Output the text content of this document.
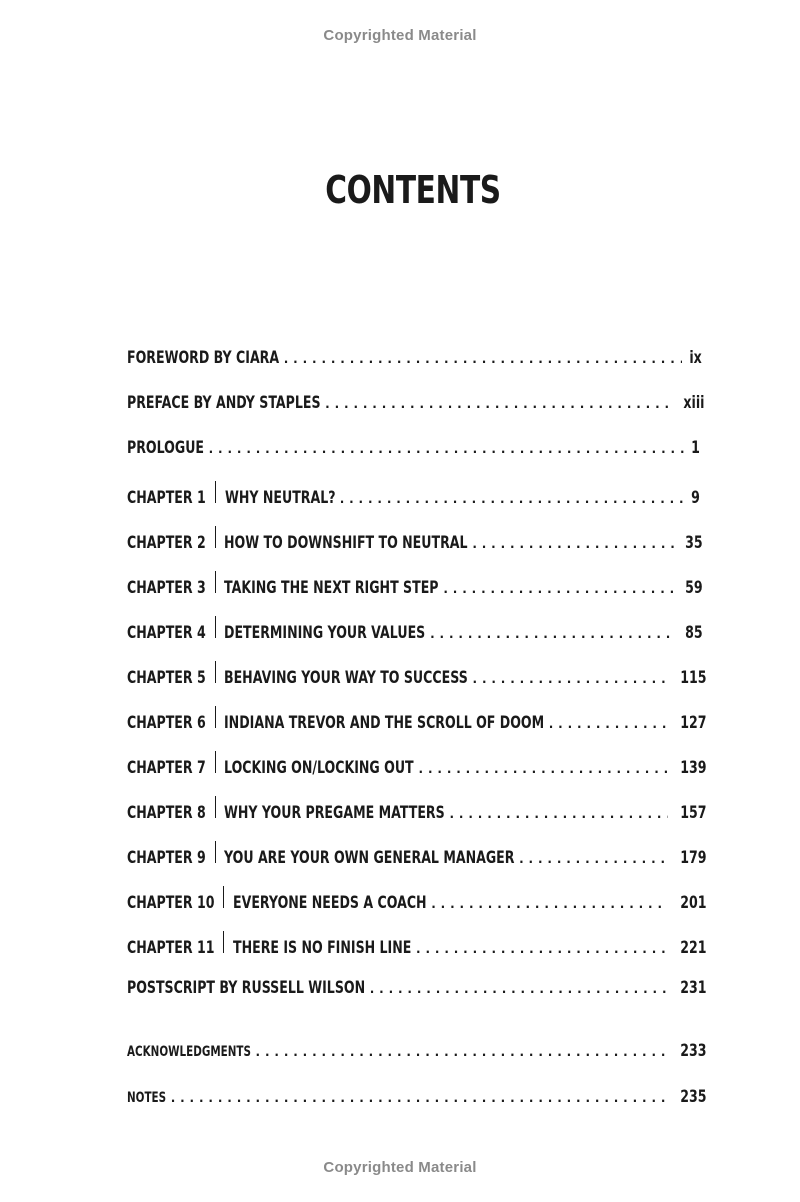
Copyrighted Material
CONTENTS
FOREWORD BY CIARA .....	ix
PREFACE BY ANDY STAPLES .....	xiii
PROLOGUE .....	1
CHAPTER 1 WHY NEUTRAL? .....	9
CHAPTER 2 HOW TO DOWNSHIFT TO NEUTRAL .....	35
CHAPTER 3 TAKING THE NEXT RIGHT STEP .....	59
CHAPTER 4 DETERMINING YOUR VALUES .....	85
CHAPTER 5 BEHAVING YOUR WAY TO SUCCESS .....	115
CHAPTER 6 INDIANA TREVOR AND THE SCROLL OF DOOM .....	127
CHAPTER 7 LOCKING ON/LOCKING OUT .....	139
CHAPTER 8 WHY YOUR PREGAME MATTERS .....	157
CHAPTER 9 YOU ARE YOUR OWN GENERAL MANAGER .....	179
CHAPTER 10 EVERYONE NEEDS A COACH .....	201
CHAPTER 11 THERE IS NO FINISH LINE .....	221
POSTSCRIPT BY RUSSELL WILSON .....	231
ACKNOWLEDGMENTS .....	233
NOTES .....	235
Copyrighted Material
